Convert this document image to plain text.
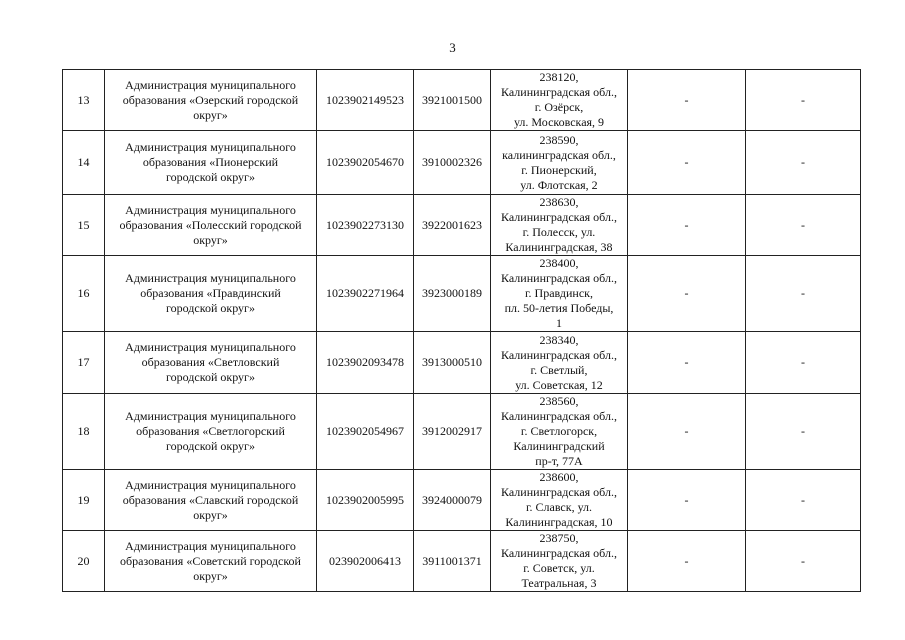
3
13	Администрация муниципального
образования «Озерский городской
округ»	1023902149523	3921001500	238120,
Калининградская обл.,
г. Озёрск,
ул. Московская, 9	-	-
14	Администрация муниципального
образования «Пионерский
городской округ»	1023902054670	3910002326	238590,
калининградская обл.,
г. Пионерский,
ул. Флотская, 2	-	-
15	Администрация муниципального
образования «Полесский городской
округ»	1023902273130	3922001623	238630,
Калининградская обл.,
г. Полесск, ул.
Калининградская, 38	-	-
16	Администрация муниципального
образования «Правдинский
городской округ»	1023902271964	3923000189	238400,
Калининградская обл.,
г. Правдинск,
пл. 50-летия Победы,
1	-	-
17	Администрация муниципального
образования «Светловский
городской округ»	1023902093478	3913000510	238340,
Калининградская обл.,
г. Светлый,
ул. Советская, 12	-	-
18	Администрация муниципального
образования «Светлогорский
городской округ»	1023902054967	3912002917	238560,
Калининградская обл.,
г. Светлогорск,
Калининградский
пр-т, 77А	-	-
19	Администрация муниципального
образования «Славский городской
округ»	1023902005995	3924000079	238600,
Калининградская обл.,
г. Славск, ул.
Калининградская, 10	-	-
20	Администрация муниципального
образования «Советский городской
округ»	023902006413	3911001371	238750,
Калининградская обл.,
г. Советск, ул.
Театральная, 3	-	-
